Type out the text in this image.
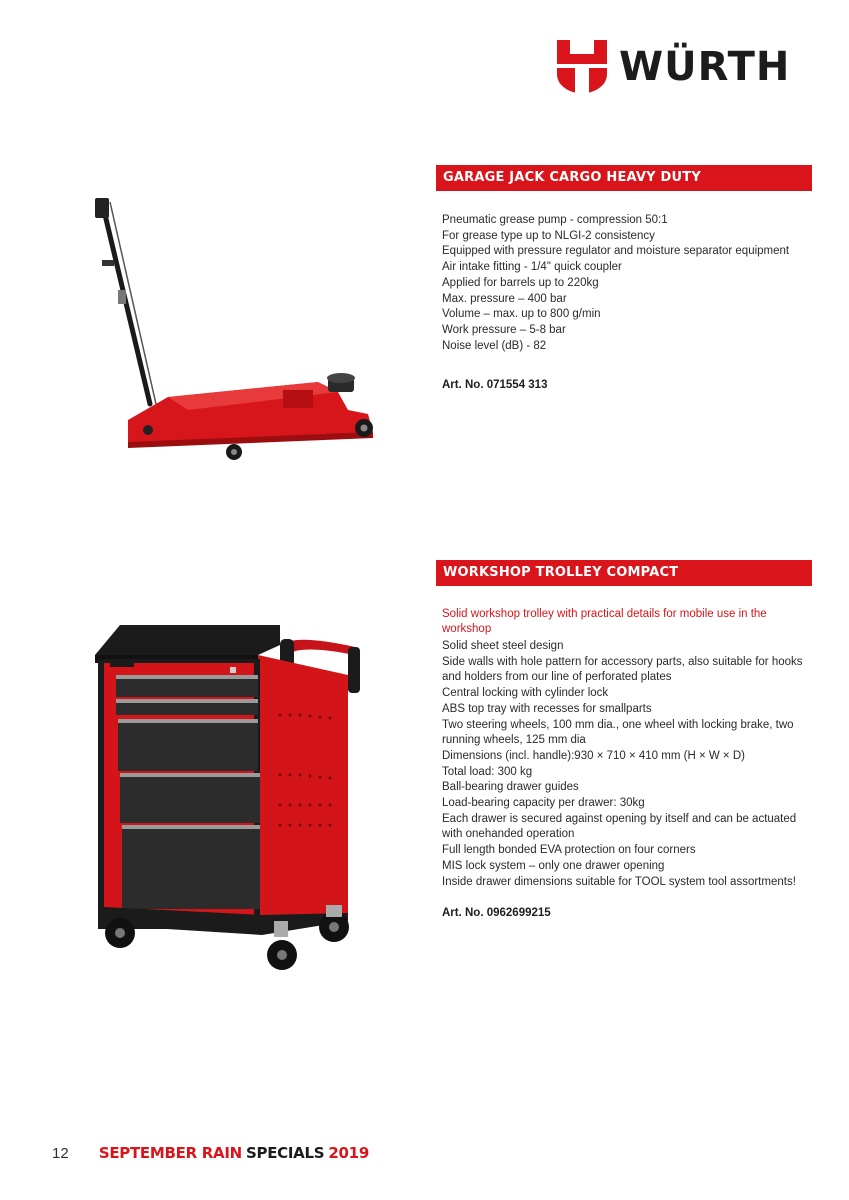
WÜRTH
GARAGE JACK CARGO HEAVY DUTY
Pneumatic grease pump - compression 50:1
For grease type up to NLGI-2 consistency
Equipped with pressure regulator and moisture separator equipment
Air intake fitting - 1/4" quick coupler
Applied for barrels up to 220kg
Max. pressure – 400 bar
Volume – max. up to 800 g/min
Work pressure – 5-8 bar
Noise level (dB) - 82
Art. No. 071554 313
WORKSHOP TROLLEY COMPACT
Solid workshop trolley with practical details for mobile use in the workshop
Solid sheet steel design
Side walls with hole pattern for accessory parts, also suitable for hooks and holders from our line of perforated plates
Central locking with cylinder lock
ABS top tray with recesses for smallparts
Two steering wheels, 100 mm dia., one wheel with locking brake, two running wheels, 125 mm dia
Dimensions (incl. handle):930 × 710 × 410 mm (H × W × D)
Total load: 300 kg
Ball-bearing drawer guides
Load-bearing capacity per drawer: 30kg
Each drawer is secured against opening by itself and can be actuated with onehanded operation
Full length bonded EVA protection on four corners
MIS lock system – only one drawer opening
Inside drawer dimensions suitable for TOOL system tool assortments!
Art. No. 0962699215
12 SEPTEMBER RAIN SPECIALS 2019
